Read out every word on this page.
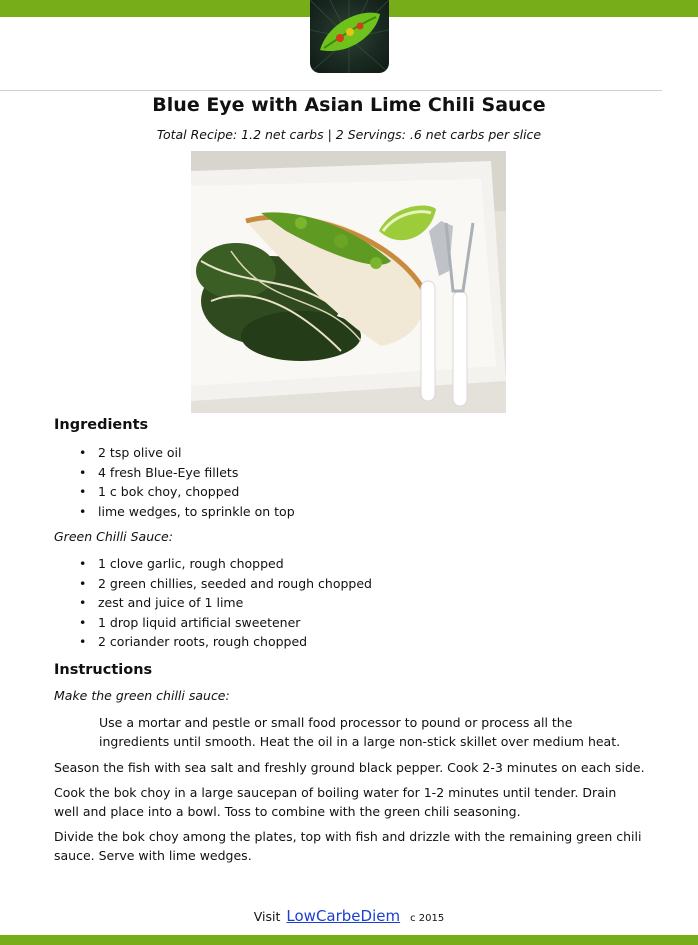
Blue Eye with Asian Lime Chili Sauce
Total Recipe: 1.2 net carbs | 2 Servings: .6 net carbs per slice
Ingredients
• 2 tsp olive oil
• 4 fresh Blue-Eye fillets
• 1 c bok choy, chopped
• lime wedges, to sprinkle on top
Green Chilli Sauce:
• 1 clove garlic, rough chopped
• 2 green chillies, seeded and rough chopped
• zest and juice of 1 lime
• 1 drop liquid artificial sweetener
• 2 coriander roots, rough chopped
Instructions
Make the green chilli sauce:
Use a mortar and pestle or small food processor to pound or process all the ingredients until smooth. Heat the oil in a large non-stick skillet over medium heat.
Season the fish with sea salt and freshly ground black pepper. Cook 2-3 minutes on each side.
Cook the bok choy in a large saucepan of boiling water for 1-2 minutes until tender. Drain well and place into a bowl. Toss to combine with the green chili seasoning.
Divide the bok choy among the plates, top with fish and drizzle with the remaining green chili sauce. Serve with lime wedges.
Visit LowCarbeDiem c 2015
